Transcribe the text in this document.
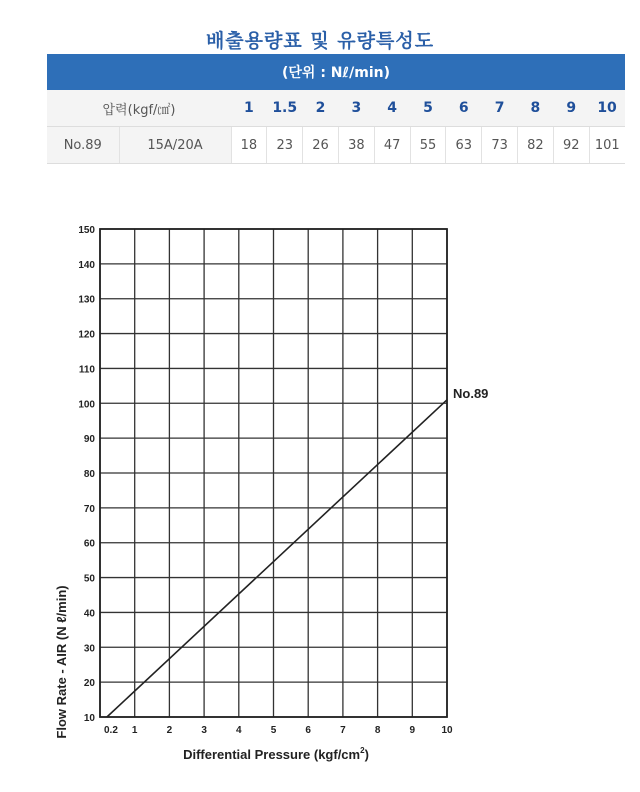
배출용량표 및 유량특성도
(단위 : Nℓ/min)												
압력(kgf/㎠)		1	1.5	2	3	4	5	6	7	8	9	10
No.89	15A/20A	18	23	26	38	47	55	63	73	82	92	101
10
20
30
40
50
60
70
80
90
100
110
120
130
140
150
0.2 1	2	3	4	5	6	7	8	9	10
No.89
Flow Rate - AIR (N ℓ/min)
Differential Pressure $(kgf/cm^2)$
